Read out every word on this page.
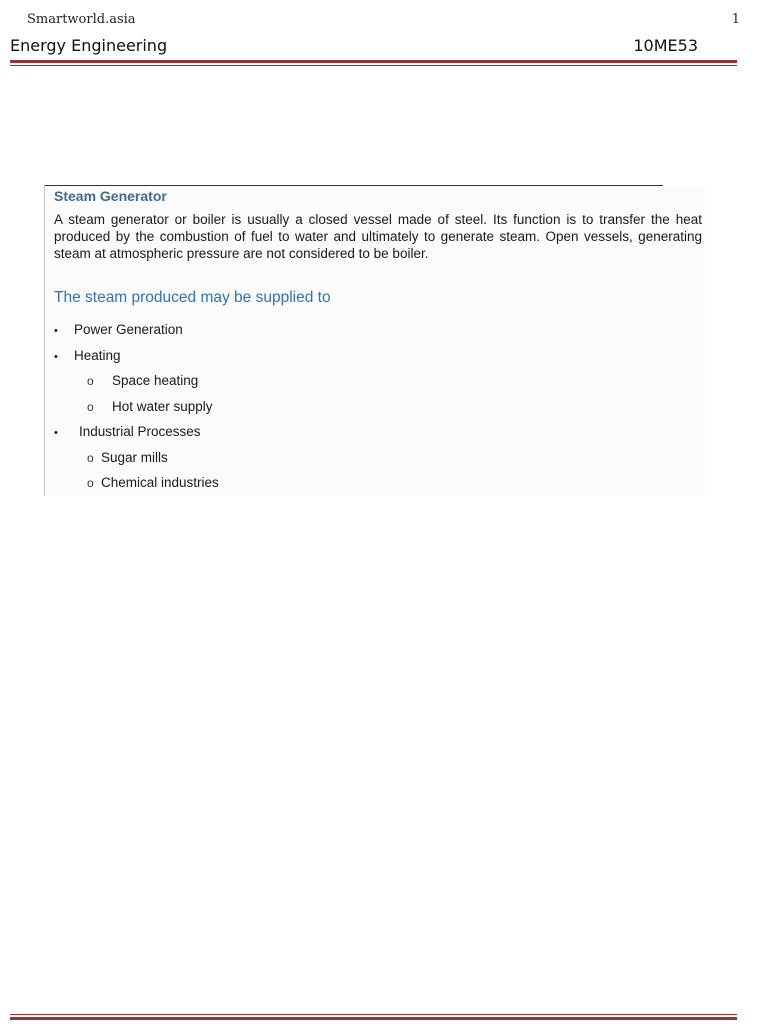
Smartworld.asia	1
Energy Engineering	10ME53
Steam Generator
A steam generator or boiler is usually a closed vessel made of steel. Its function is to transfer the heat produced by the combustion of fuel to water and ultimately to generate steam. Open vessels, generating steam at atmospheric pressure are not considered to be boiler.
The steam produced may be supplied to
• Power Generation
• Heating
o Space heating
o Hot water supply
• Industrial Processes
o Sugar mills
o Chemical industries
